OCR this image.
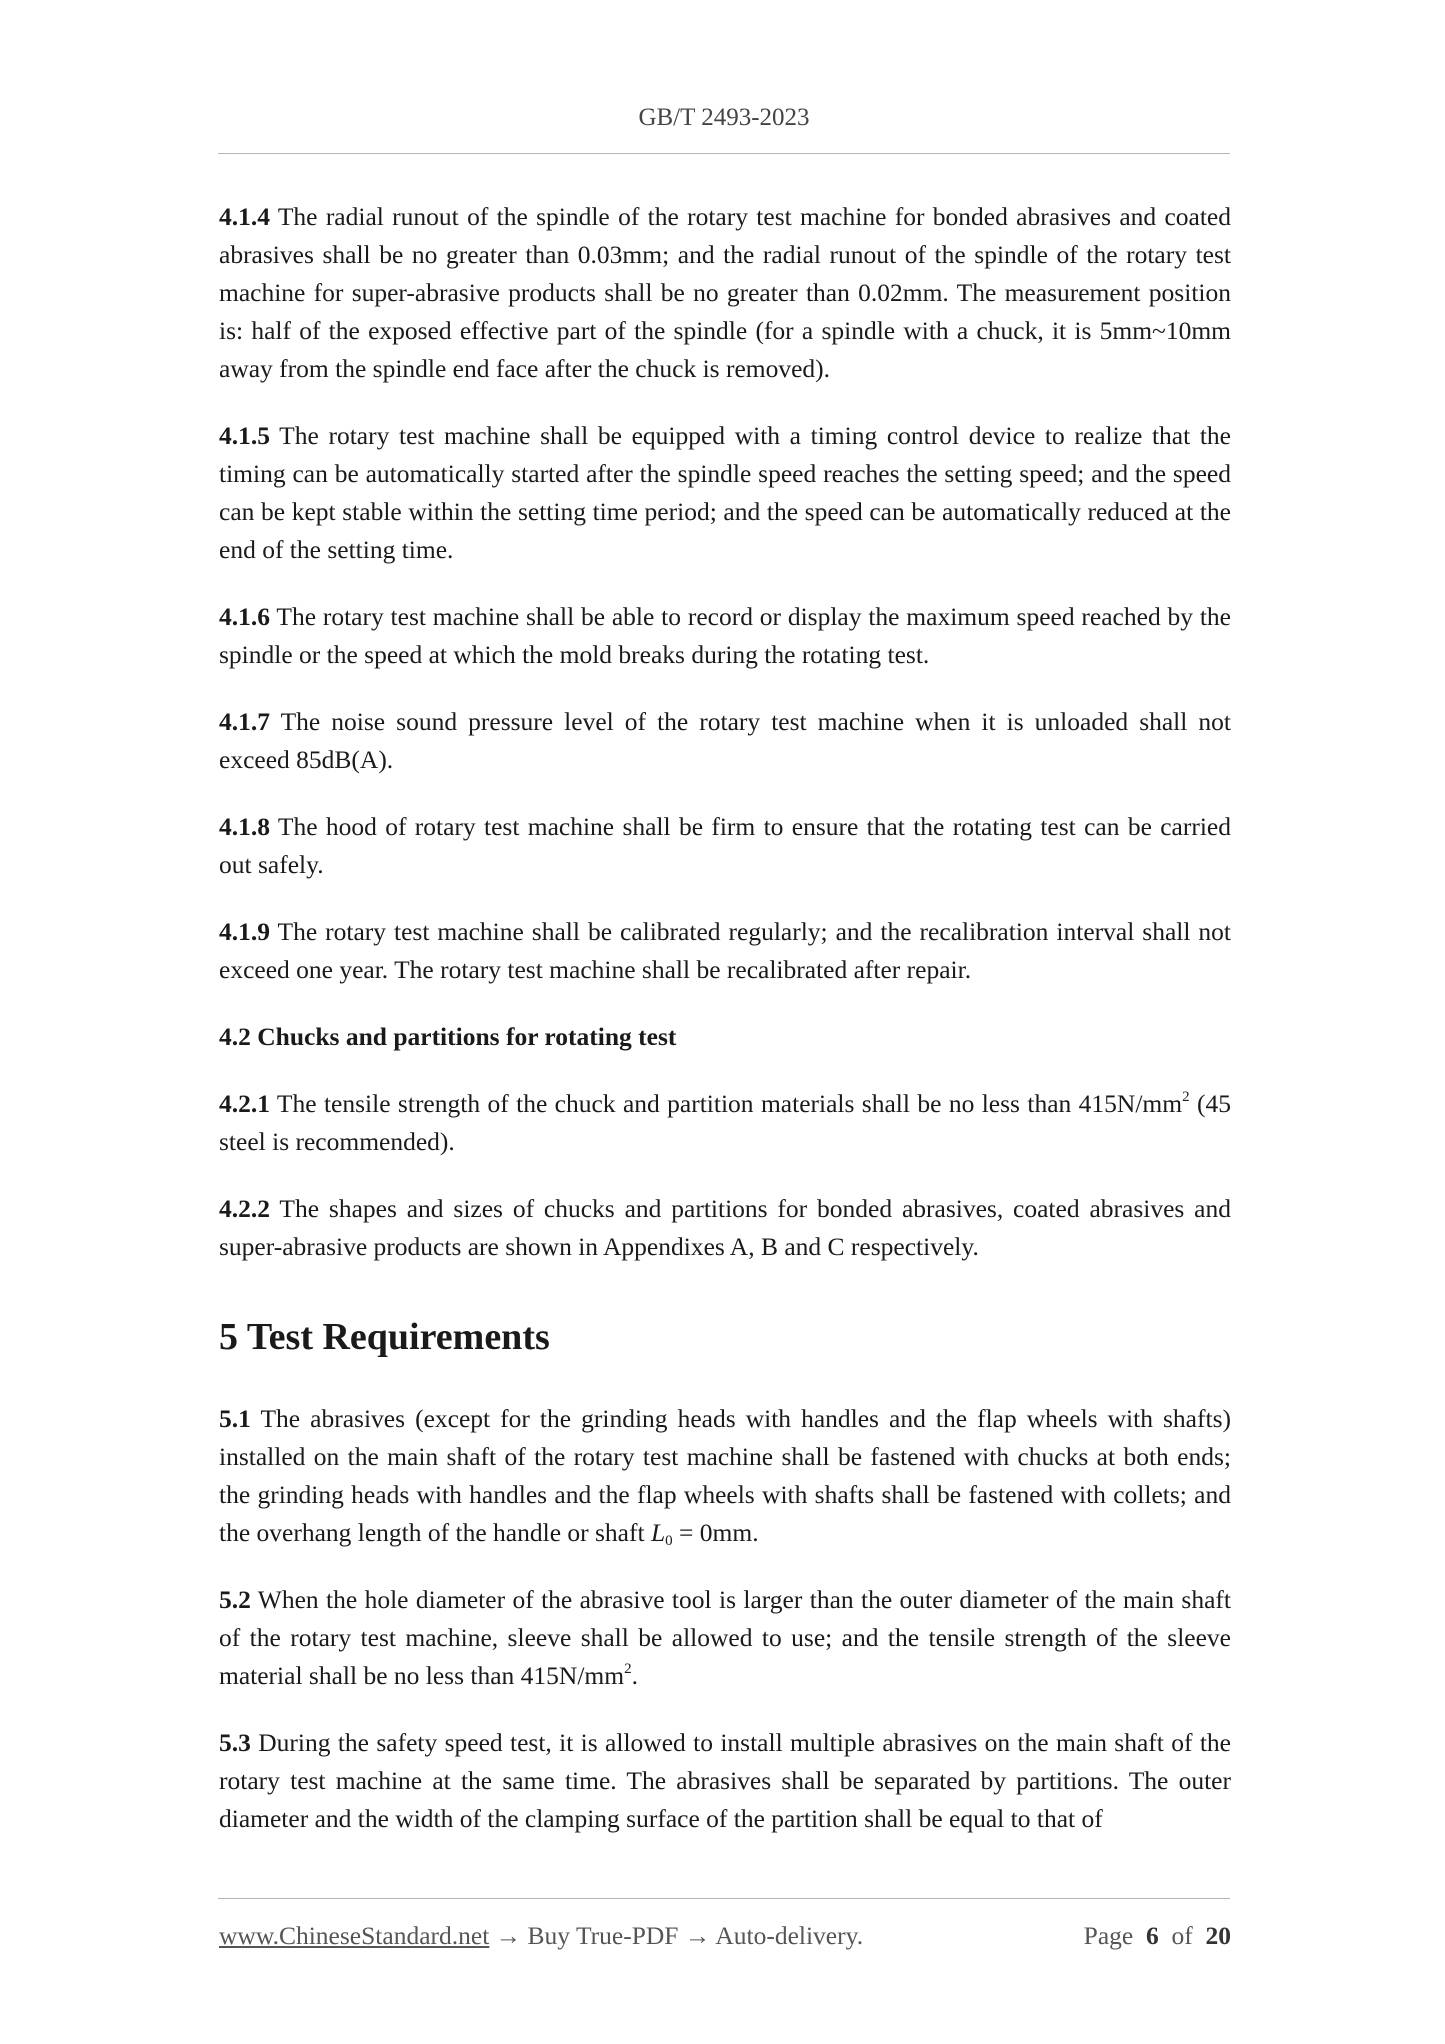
GB/T 2493-2023

4.1.4 The radial runout of the spindle of the rotary test machine for bonded abrasives and coated abrasives shall be no greater than 0.03mm; and the radial runout of the spindle of the rotary test machine for super-abrasive products shall be no greater than 0.02mm. The measurement position is: half of the exposed effective part of the spindle (for a spindle with a chuck, it is 5mm~10mm away from the spindle end face after the chuck is removed).

4.1.5 The rotary test machine shall be equipped with a timing control device to realize that the timing can be automatically started after the spindle speed reaches the setting speed; and the speed can be kept stable within the setting time period; and the speed can be automatically reduced at the end of the setting time.

4.1.6 The rotary test machine shall be able to record or display the maximum speed reached by the spindle or the speed at which the mold breaks during the rotating test.

4.1.7 The noise sound pressure level of the rotary test machine when it is unloaded shall not exceed 85dB(A).

4.1.8 The hood of rotary test machine shall be firm to ensure that the rotating test can be carried out safely.

4.1.9 The rotary test machine shall be calibrated regularly; and the recalibration interval shall not exceed one year. The rotary test machine shall be recalibrated after repair.

4.2 Chucks and partitions for rotating test

4.2.1 The tensile strength of the chuck and partition materials shall be no less than $415N/mm^2$ (45 steel is recommended).

4.2.2 The shapes and sizes of chucks and partitions for bonded abrasives, coated abrasives and super-abrasive products are shown in Appendixes A, B and C respectively.

5 Test Requirements

5.1 The abrasives (except for the grinding heads with handles and the flap wheels with shafts) installed on the main shaft of the rotary test machine shall be fastened with chucks at both ends; the grinding heads with handles and the flap wheels with shafts shall be fastened with collets; and the overhang length of the handle or shaft $L_0 = 0mm$.

5.2 When the hole diameter of the abrasive tool is larger than the outer diameter of the main shaft of the rotary test machine, sleeve shall be allowed to use; and the tensile strength of the sleeve material shall be no less than $415N/mm^2$.

5.3 During the safety speed test, it is allowed to install multiple abrasives on the main shaft of the rotary test machine at the same time. The abrasives shall be separated by partitions. The outer diameter and the width of the clamping surface of the partition shall be equal to that of

www.ChineseStandard.net → Buy True-PDF → Auto-delivery.	Page 6 of 20
